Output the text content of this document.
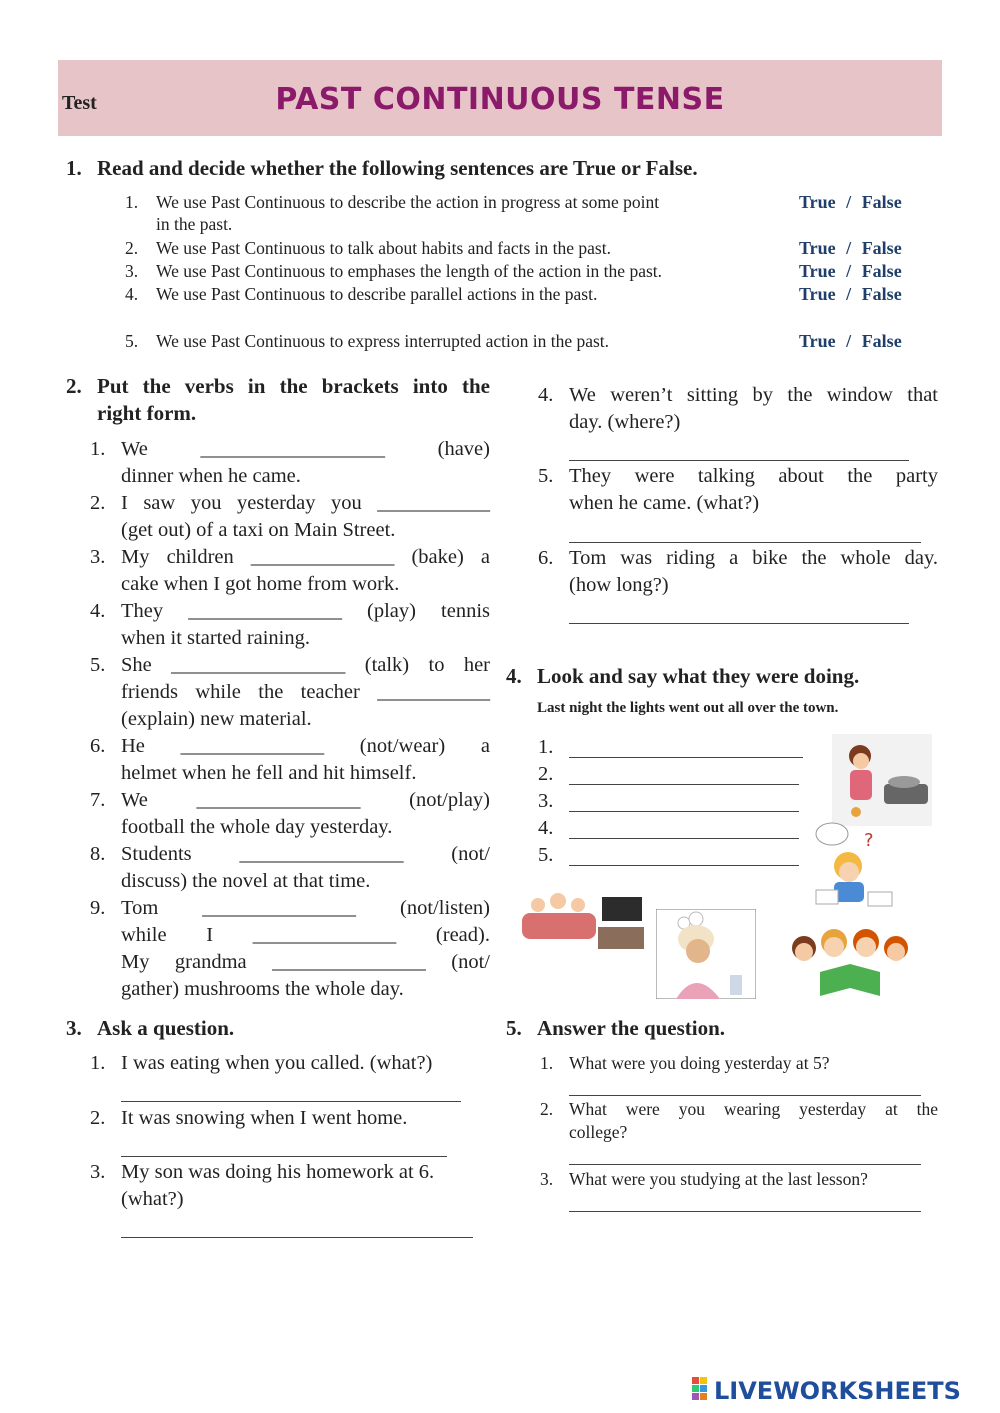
Test	PAST CONTINUOUS TENSE
1. Read and decide whether the following sentences are True or False.
1. We use Past Continuous to describe the action in progress at some point
in the past.
2. We use Past Continuous to talk about habits and facts in the past.
3. We use Past Continuous to emphases the length of the action in the past.
4. We use Past Continuous to describe parallel actions in the past.
5. We use Past Continuous to express interrupted action in the past.
True / False
True / False
True / False
True / False
True / False
2. Put the verbs in the brackets into the
right form.
1. We __________________ (have)
dinner when he came.
2. I saw you yesterday you ___________
(get out) of a taxi on Main Street.
3. My children ______________ (bake) a
cake when I got home from work.
4. They _______________ (play) tennis
when it started raining.
5. She _________________ (talk) to her
friends while the teacher ___________
(explain) new material.
6. He ______________ (not/wear) a
helmet when he fell and hit himself.
7. We ________________ (not/play)
football the whole day yesterday.
8. Students ________________ (not/
discuss) the novel at that time.
9. Tom _______________ (not/listen)
while I ______________ (read).
My grandma _______________ (not/
gather) mushrooms the whole day.
3. Ask a question.
1. I was eating when you called. (what?)
2. It was snowing when I went home.
3. My son was doing his homework at 6.
(what?)
4. We weren’t sitting by the window that
day. (where?)
5. They were talking about the party
when he came. (what?)
6. Tom was riding a bike the whole day.
(how long?)
4. Look and say what they were doing.
Last night the lights went out all over the town.
1.
2.
3.
4.
5.
?
5. Answer the question.
1. What were you doing yesterday at 5?
2. What were you wearing yesterday at the
college?
3. What were you studying at the last lesson?
LIVEWORKSHEETS
